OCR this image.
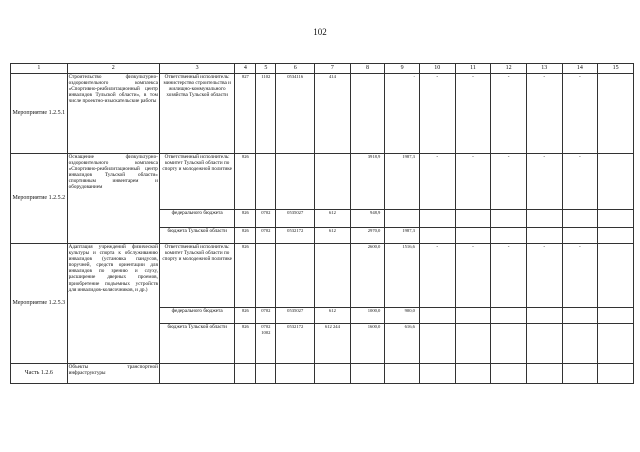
102
1	2	3	4	5	6	7	8	9	10	11	12	13	14	15
Мероприятие 1.2.5.1	Строительство физкультурно-оздоровительного комплекса «Спортивно-реабилитационный центр инвалидов Тульской области», в том числе проектно-изыскательские работы	Ответственный исполнитель: министерство строительства и жилищно-коммунального хозяйства Тульской области	827	1102	0534116	414		-	-	-	-	-	-	
Мероприятие 1.2.5.2	Оснащение физкультурно-оздоровительного комплекса «Спортивно-реабилитационный центр инвалидов Тульской области» спортивным инвентарем и оборудованием	Ответственный исполнитель: комитет Тульской области по спорту и молодежной политике	826				3918,9	1987,3	-	-	-	-	-	
		федерального бюджета	826	0702	0535027	612	948,9							
		бюджета Тульской области	826	0702	0532172	612	2970,0	1987,3						
Мероприятие 1.2.5.3	Адаптация учреждений физической культуры и спорта к обслуживанию инвалидов (установка пандусов, поручней, средств ориентации для инвалидов по зрению и слуху, расширение дверных проемов, приобретение подъемных устройств для инвалидов-колясочников, и др.)	Ответственный исполнитель: комитет Тульской области по спорту и молодежной политике	826				2600,0	1516,6	-	-	-	-	-	
		федерального бюджета	826	0702	0535027	612	1000,0	900,0						
		бюджета Тульской области	826	0702 1002	0532172	612 244	1600,0	616,6						
Часть 1.2.6	Объекты транспортной инфраструктуры													
